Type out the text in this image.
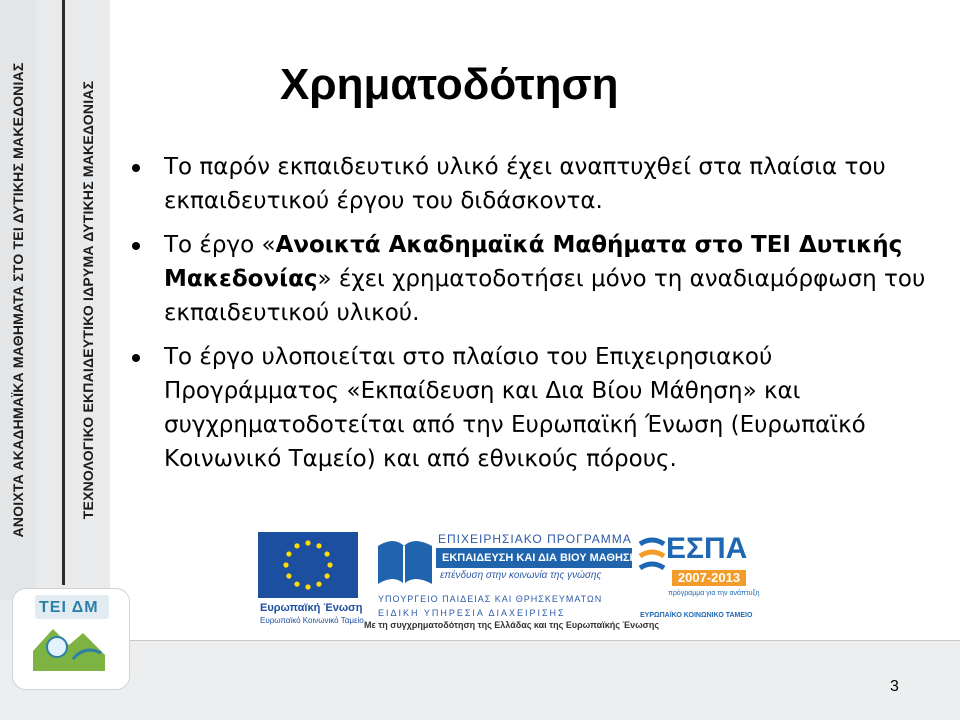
ΑΝΟΙΧΤΑ ΑΚΑΔΗΜΑΪΚΑ ΜΑΘΗΜΑΤΑ ΣΤΟ ΤΕΙ ΔΥΤΙΚΗΣ ΜΑΚΕΔΟΝΙΑΣ	ΤΕΧΝΟΛΟΓΙΚΟ ΕΚΠΑΙΔΕΥΤΙΚΟ ΙΔΡΥΜΑ ΔΥΤΙΚΗΣ ΜΑΚΕΔΟΝΙΑΣ
ΤΕΙ ΔΜ
Χρηματοδότηση
Το παρόν εκπαιδευτικό υλικό έχει αναπτυχθεί στα πλαίσια του εκπαιδευτικού έργου του διδάσκοντα.
Το έργο «Ανοικτά Ακαδημαϊκά Μαθήματα στο ΤΕΙ Δυτικής Μακεδονίας» έχει χρηματοδοτήσει μόνο τη αναδιαμόρφωση του εκπαιδευτικού υλικού.
Το έργο υλοποιείται στο πλαίσιο του Επιχειρησιακού Προγράμματος «Εκπαίδευση και Δια Βίου Μάθηση» και συγχρηματοδοτείται από την Ευρωπαϊκή Ένωση (Ευρωπαϊκό Κοινωνικό Ταμείο) και από εθνικούς πόρους.
Ευρωπαϊκή Ένωση
Ευρωπαϊκό Κοινωνικό Ταμείο
ΕΠΙΧΕΙΡΗΣΙΑΚΟ ΠΡΟΓΡΑΜΜΑ
ΕΚΠΑΙΔΕΥΣΗ ΚΑΙ ΔΙΑ ΒΙΟΥ ΜΑΘΗΣΗ
επένδυση στην κοινωνία της γνώσης
ΥΠΟΥΡΓΕΙΟ ΠΑΙΔΕΙΑΣ ΚΑΙ ΘΡΗΣΚΕΥΜΑΤΩΝ
ΕΙΔΙΚΗ ΥΠΗΡΕΣΙΑ ΔΙΑΧΕΙΡΙΣΗΣ
ΕΣΠΑ
2007-2013
πρόγραμμα για την ανάπτυξη
ΕΥΡΩΠΑΪΚΟ ΚΟΙΝΩΝΙΚΟ ΤΑΜΕΙΟ
Με τη συγχρηματοδότηση της Ελλάδας και της Ευρωπαϊκής Ένωσης
3
